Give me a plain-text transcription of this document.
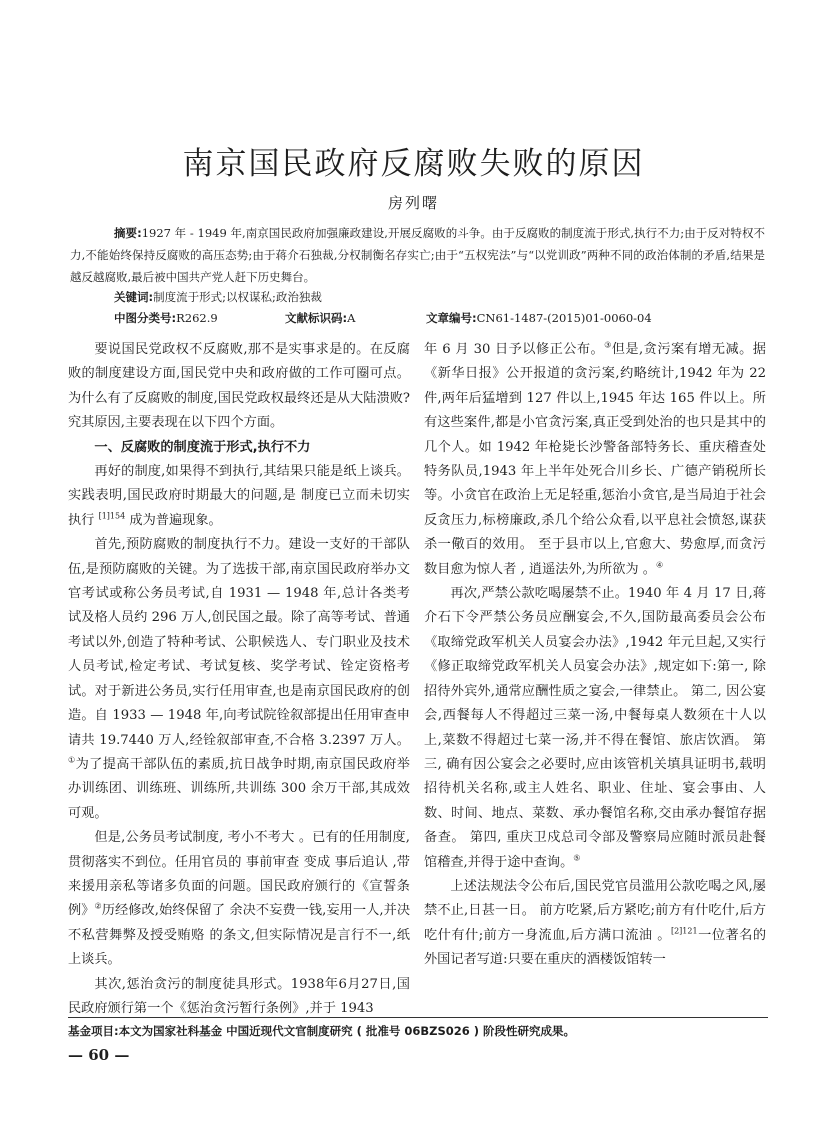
南京国民政府反腐败失败的原因
房列曙

摘要:1927 年 - 1949 年,南京国民政府加强廉政建设,开展反腐败的斗争。由于反腐败的制度流于形式,执行不力;由于反对特权不力,不能始终保持反腐败的高压态势;由于蒋介石独裁,分权制衡名存实亡;由于“五权宪法”与“以党训政”两种不同的政治体制的矛盾,结果是越反越腐败,最后被中国共产党人赶下历史舞台。

关键词:制度流于形式;以权谋私;政治独裁
中图分类号:R262.9	文献标识码:A	文章编号:CN61-1487-(2015)01-0060-04

要说国民党政权不反腐败,那不是实事求是的。在反腐败的制度建设方面,国民党中央和政府做的工作可圈可点。为什么有了反腐败的制度,国民党政权最终还是从大陆溃败?究其原因,主要表现在以下四个方面。

一、反腐败的制度流于形式,执行不力

再好的制度,如果得不到执行,其结果只能是纸上谈兵。实践表明,国民政府时期最大的问题,是 制度已立而未切实执行 $^{[1]154}$ 成为普遍现象。

首先,预防腐败的制度执行不力。建设一支好的干部队伍,是预防腐败的关键。为了选拔干部,南京国民政府举办文官考试或称公务员考试,自 1931 — 1948 年,总计各类考试及格人员约 296 万人,创民国之最。除了高等考试、普通考试以外,创造了特种考试、公职候选人、专门职业及技术人员考试,检定考试、考试复核、奖学考试、铨定资格考试。对于新进公务员,实行任用审查,也是南京国民政府的创造。自 1933 — 1948 年,向考试院铨叙部提出任用审查申请共 19.7440 万人,经铨叙部审查,不合格 3.2397 万人。①为了提高干部队伍的素质,抗日战争时期,南京国民政府举办训练团、训练班、训练所,共训练 300 余万干部,其成效可观。

但是,公务员考试制度, 考小不考大 。已有的任用制度,贯彻落实不到位。任用官员的 事前审查 变成 事后追认 ,带来援用亲私等诸多负面的问题。国民政府颁行的《宣誓条例》②历经修改,始终保留了 余决不妄费一钱,妄用一人,并决不私营舞弊及授受贿赂 的条文,但实际情况是言行不一,纸上谈兵。

其次,惩治贪污的制度徒具形式。1938年6月27日,国民政府颁行第一个《惩治贪污暂行条例》,并于 1943

年 6 月 30 日予以修正公布。③但是,贪污案有增无减。据《新华日报》公开报道的贪污案,约略统计,1942 年为 22 件,两年后猛增到 127 件以上,1945 年达 165 件以上。所有这些案件,都是小官贪污案,真正受到处治的也只是其中的几个人。如 1942 年枪毙长沙警备部特务长、重庆稽查处特务队员,1943 年上半年处死合川乡长、广德产销税所长等。小贪官在政治上无足轻重,惩治小贪官,是当局迫于社会反贪压力,标榜廉政,杀几个给公众看,以平息社会愤怒,谋获杀一儆百的效用。 至于县市以上,官愈大、势愈厚,而贪污数目愈为惊人者 , 逍遥法外,为所欲为 。④

再次,严禁公款吃喝屡禁不止。1940 年 4 月 17 日,蒋介石下令严禁公务员应酬宴会,不久,国防最高委员会公布《取缔党政军机关人员宴会办法》,1942 年元旦起,又实行《修正取缔党政军机关人员宴会办法》,规定如下:第一, 除招待外宾外,通常应酬性质之宴会,一律禁止。 第二, 因公宴会,西餐每人不得超过三菜一汤,中餐每桌人数须在十人以上,菜数不得超过七菜一汤,并不得在餐馆、旅店饮酒。 第三, 确有因公宴会之必要时,应由该管机关填具证明书,载明招待机关名称,或主人姓名、职业、住址、宴会事由、人数、时间、地点、菜数、承办餐馆名称,交由承办餐馆存据备查。 第四, 重庆卫戍总司令部及警察局应随时派员赴餐馆稽查,并得于途中查询。⑤

上述法规法令公布后,国民党官员滥用公款吃喝之风,屡禁不止,日甚一日。 前方吃紧,后方紧吃;前方有什吃什,后方吃什有什;前方一身流血,后方满口流油 。$^{[2]121}$一位著名的外国记者写道:只要在重庆的酒楼饭馆转一

基金项目:本文为国家社科基金 中国近现代文官制度研究 ( 批准号 06BZS026 ) 阶段性研究成果。
— 60 —
